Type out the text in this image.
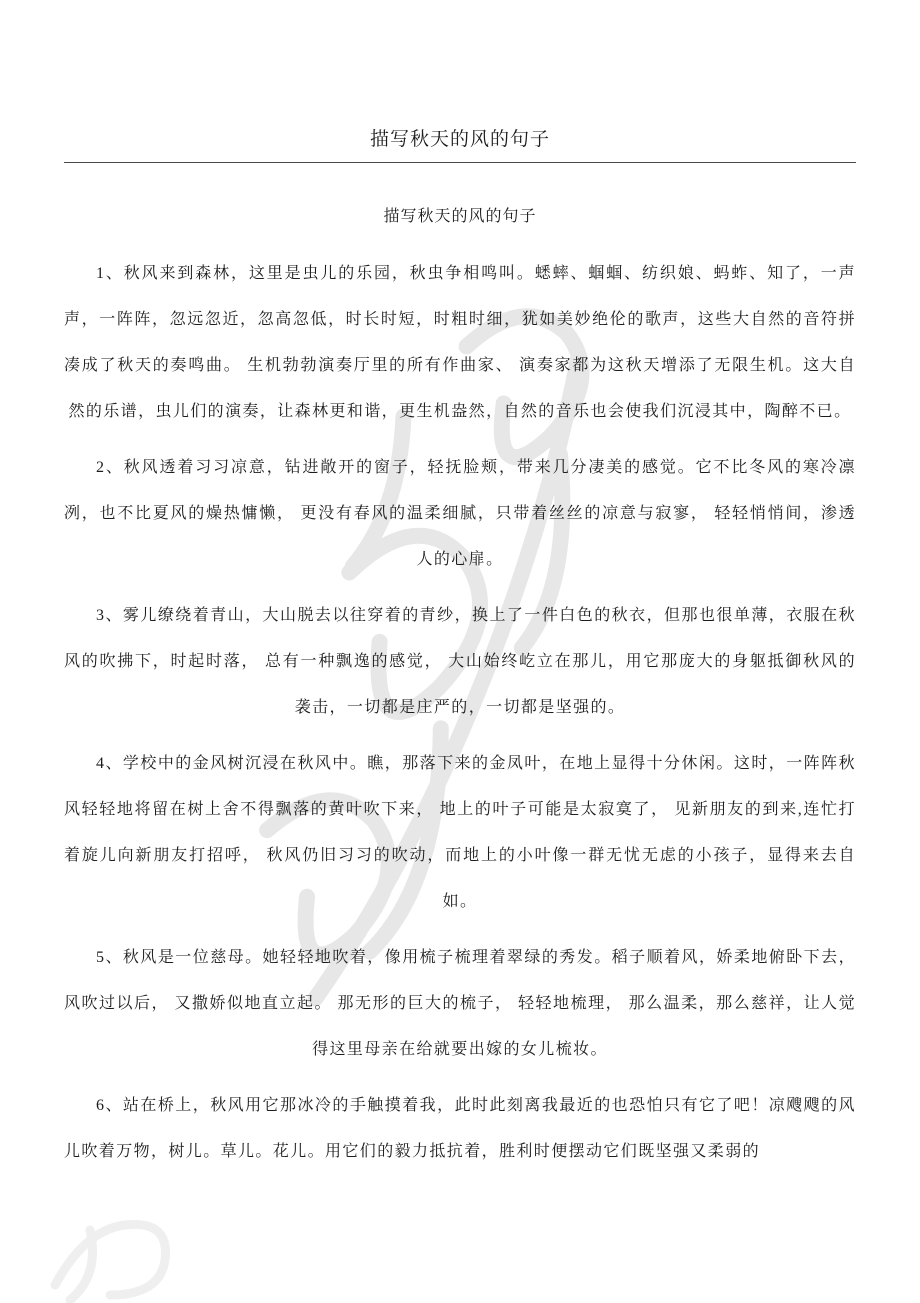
描写秋天的风的句子
描写秋天的风的句子

1、秋风来到森林，这里是虫儿的乐园，秋虫争相鸣叫。蟋蟀、蝈蝈、纺织娘、蚂蚱、知了，一声声，一阵阵，忽远忽近，忽高忽低，时长时短，时粗时细，犹如美妙绝伦的歌声，这些大自然的音符拼凑成了秋天的奏鸣曲。 生机勃勃演奏厅里的所有作曲家、 演奏家都为这秋天增添了无限生机。这大自然的乐谱，虫儿们的演奏，让森林更和谐，更生机盎然，自然的音乐也会使我们沉浸其中，陶醉不已。

2、秋风透着习习凉意，钻进敞开的窗子，轻抚脸颊，带来几分凄美的感觉。它不比冬风的寒冷凛冽，也不比夏风的燥热慵懒， 更没有春风的温柔细腻，只带着丝丝的凉意与寂寥， 轻轻悄悄间，渗透人的心扉。

3、雾儿缭绕着青山，大山脱去以往穿着的青纱，换上了一件白色的秋衣，但那也很单薄，衣服在秋风的吹拂下，时起时落， 总有一种飘逸的感觉， 大山始终屹立在那儿，用它那庞大的身躯抵御秋风的袭击，一切都是庄严的，一切都是坚强的。

4、学校中的金风树沉浸在秋风中。瞧，那落下来的金凤叶，在地上显得十分休闲。这时，一阵阵秋风轻轻地将留在树上舍不得飘落的黄叶吹下来， 地上的叶子可能是太寂寞了， 见新朋友的到来,连忙打着旋儿向新朋友打招呼， 秋风仍旧习习的吹动，而地上的小叶像一群无忧无虑的小孩子，显得来去自如。

5、秋风是一位慈母。她轻轻地吹着，像用梳子梳理着翠绿的秀发。稻子顺着风，娇柔地俯卧下去，风吹过以后， 又撒娇似地直立起。 那无形的巨大的梳子， 轻轻地梳理， 那么温柔，那么慈祥，让人觉得这里母亲在给就要出嫁的女儿梳妆。

6、站在桥上，秋风用它那冰冷的手触摸着我，此时此刻离我最近的也恐怕只有它了吧！凉飕飕的风儿吹着万物，树儿。草儿。花儿。用它们的毅力抵抗着，胜利时便摆动它们既坚强又柔弱的
